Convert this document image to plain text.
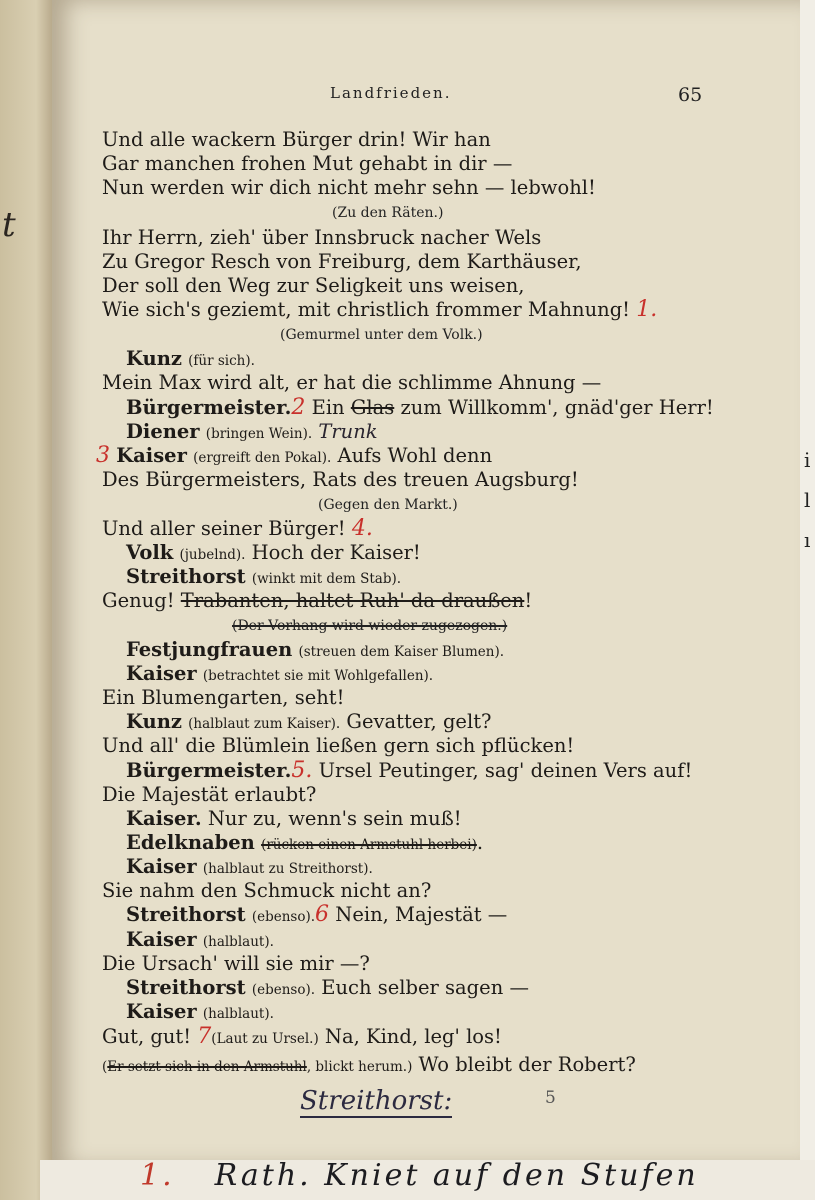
t
i
l
ı
1. Rath. Kniet auf den Stufen
Landfrieden.	65
Und alle wackern Bürger drin! Wir han
Gar manchen frohen Mut gehabt in dir —
Nun werden wir dich nicht mehr sehn — lebwohl!
(Zu den Räten.)
Ihr Herrn, zieh' über Innsbruck nacher Wels
Zu Gregor Resch von Freiburg, dem Karthäuser,
Der soll den Weg zur Seligkeit uns weisen,
Wie sich's geziemt, mit christlich frommer Mahnung! 1.
(Gemurmel unter dem Volk.)
Kunz (für sich).
Mein Max wird alt, er hat die schlimme Ahnung —
Bürgermeister.2 Ein Glas zum Willkomm', gnäd'ger Herr!
Diener (bringen Wein). Trunk
3 Kaiser (ergreift den Pokal). Aufs Wohl denn
Des Bürgermeisters, Rats des treuen Augsburg!
(Gegen den Markt.)
Und aller seiner Bürger! 4.
Volk (jubelnd). Hoch der Kaiser!
Streithorst (winkt mit dem Stab).
Genug! Trabanten, haltet Ruh' da draußen!
(Der Vorhang wird wieder zugezogen.)
Festjungfrauen (streuen dem Kaiser Blumen).
Kaiser (betrachtet sie mit Wohlgefallen).
Ein Blumengarten, seht!
Kunz (halblaut zum Kaiser). Gevatter, gelt?
Und all' die Blümlein ließen gern sich pflücken!
Bürgermeister.5. Ursel Peutinger, sag' deinen Vers auf!
Die Majestät erlaubt?
Kaiser. Nur zu, wenn's sein muß!
Edelknaben (rücken einen Armstuhl herbei).
Kaiser (halblaut zu Streithorst).
Sie nahm den Schmuck nicht an?
Streithorst (ebenso).6 Nein, Majestät —
Kaiser (halblaut).
Die Ursach' will sie mir —?
Streithorst (ebenso). Euch selber sagen —
Kaiser (halblaut).
Gut, gut! 7(Laut zu Ursel.) Na, Kind, leg' los!
(Er setzt sich in den Armstuhl, blickt herum.) Wo bleibt der Robert?
Streithorst:	5
